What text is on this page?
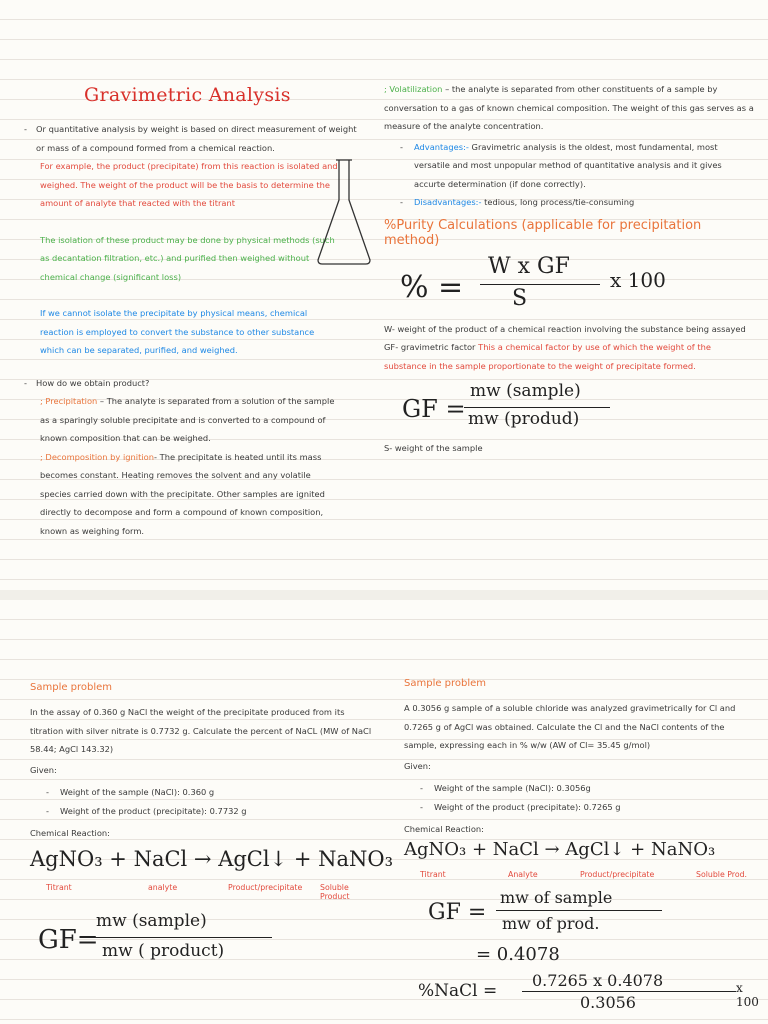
Gravimetric Analysis

- Or quantitative analysis by weight is based on direct measurement of weight or mass of a compound formed from a chemical reaction.

For example, the product (precipitate) from this reaction is isolated and weighed. The weight of the product will be the basis to determine the amount of analyte that reacted with the titrant

The isolation of these product may be done by physical methods (such as decantation filtration, etc.) and purified then weighed without chemical change (significant loss)

If we cannot isolate the precipitate by physical means, chemical reaction is employed to convert the substance to other substance which can be separated, purified, and weighed.

- How do we obtain product?

; Precipitation – The analyte is separated from a solution of the sample as a sparingly soluble precipitate and is converted to a compound of known composition that can be weighed.

; Decomposition by ignition- The precipitate is heated until its mass becomes constant. Heating removes the solvent and any volatile species carried down with the precipitate. Other samples are ignited directly to decompose and form a compound of known composition, known as weighing form.

; Volatilization – the analyte is separated from other constituents of a sample by conversation to a gas of known chemical composition. The weight of this gas serves as a measure of the analyte concentration.

- Advantages:- Gravimetric analysis is the oldest, most fundamental, most versatile and most unpopular method of quantitative analysis and it gives accurte determination (if done correctly).

- Disadvantages:- tedious, long process/tie-consuming

%Purity Calculations (applicable for precipitation method)
% =
W x GF
S
x 100

W- weight of the product of a chemical reaction involving the substance being assayed

GF- gravimetric factor This a chemical factor by use of which the weight of the substance in the sample proportionate to the weight of precipitate formed.

GF =
mw (sample)
mw (produd)

S- weight of the sample

Sample problem

In the assay of 0.360 g NaCl the weight of the precipitate produced from its titration with silver nitrate is 0.7732 g. Calculate the percent of NaCL (MW of NaCl 58.44; AgCl 143.32)

Given:

- Weight of the sample (NaCl): 0.360 g

- Weight of the product (precipitate): 0.7732 g

Chemical Reaction:

AgNO₃ + NaCl → AgCl↓ + NaNO₃
Titrant	analyte	Product/precipitate Soluble Product
GF=
mw (sample)
mw ( product)
Sample problem

A 0.3056 g sample of a soluble chloride was analyzed gravimetrically for Cl and 0.7265 g of AgCl was obtained. Calculate the Cl and the NaCl contents of the sample, expressing each in % w/w (AW of Cl= 35.45 g/mol)

Given:

- Weight of the sample (NaCl): 0.3056g

- Weight of the product (precipitate): 0.7265 g

Chemical Reaction:

AgNO₃ + NaCl → AgCl↓ + NaNO₃
Titrant	Analyte	Product/precipitate	Soluble Prod.
GF =
mw of sample
mw of prod.
= 0.4078
%NaCl =
0.7265 x 0.4078
0.3056
x 100
